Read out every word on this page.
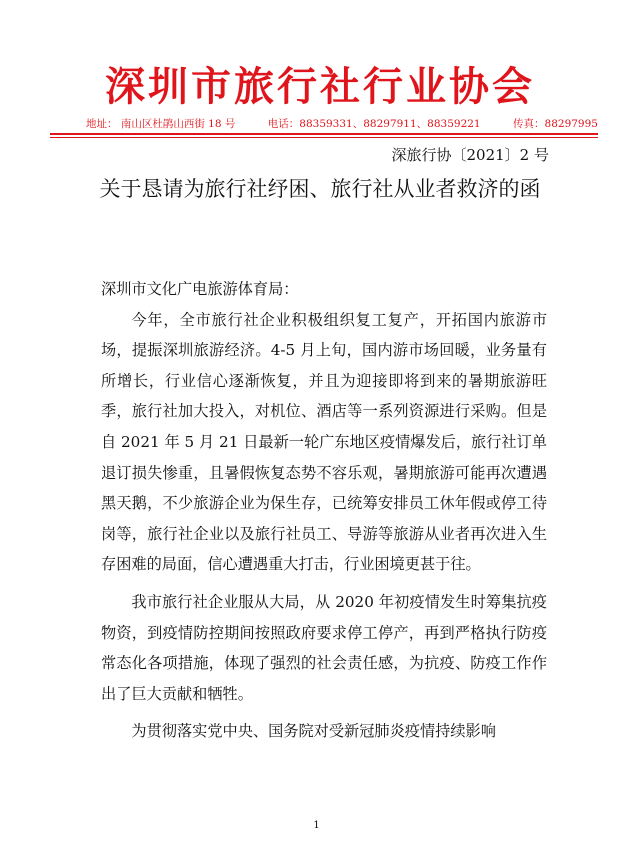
深圳市旅行社行业协会
地址： 南山区杜鹃山西街 18 号	电话：88359331、88297911、88359221	传真：88297995
深旅行协〔2021〕2 号
关于恳请为旅行社纾困、旅行社从业者救济的函

深圳市文化广电旅游体育局：

今年，全市旅行社企业积极组织复工复产，开拓国内旅游市场，提振深圳旅游经济。4-5 月上旬，国内游市场回暖，业务量有所增长，行业信心逐渐恢复，并且为迎接即将到来的暑期旅游旺季，旅行社加大投入，对机位、酒店等一系列资源进行采购。但是自 2021 年 5 月 21 日最新一轮广东地区疫情爆发后，旅行社订单退订损失惨重，且暑假恢复态势不容乐观，暑期旅游可能再次遭遇黑天鹅，不少旅游企业为保生存，已统筹安排员工休年假或停工待岗等，旅行社企业以及旅行社员工、导游等旅游从业者再次进入生存困难的局面，信心遭遇重大打击，行业困境更甚于往。

我市旅行社企业服从大局，从 2020 年初疫情发生时筹集抗疫物资，到疫情防控期间按照政府要求停工停产，再到严格执行防疫常态化各项措施，体现了强烈的社会责任感，为抗疫、防疫工作作出了巨大贡献和牺牲。

为贯彻落实党中央、国务院对受新冠肺炎疫情持续影响

1
